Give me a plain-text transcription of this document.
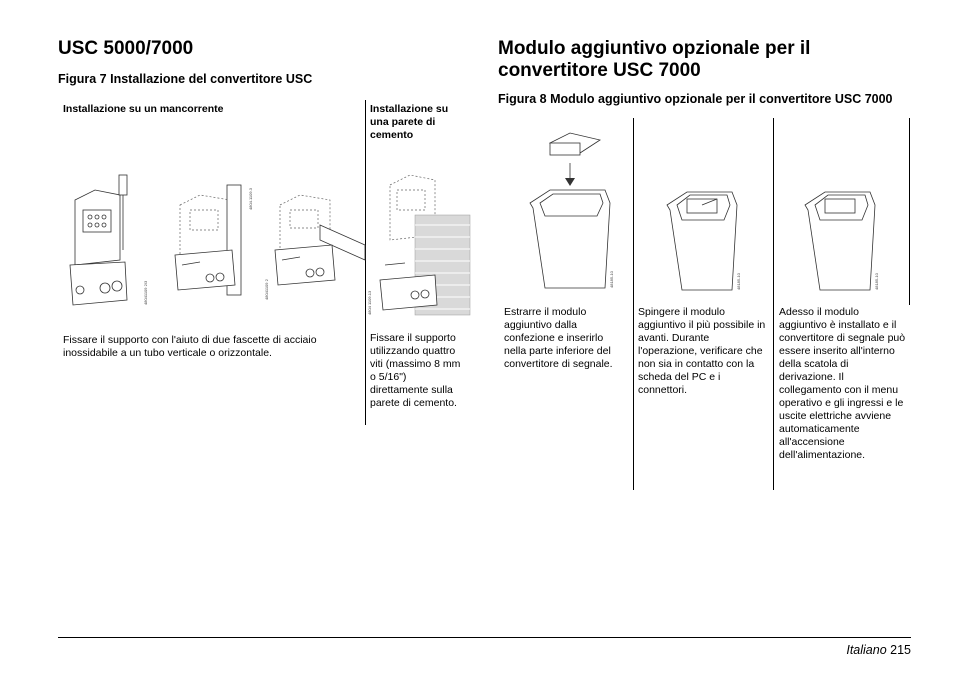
USC 5000/7000
Figura 7 Installazione del convertitore USC
Installazione su un mancorrente	Installazione su una parete di cemento
48041109 2/3
4804.1109.3
48041109 2
4804 1109.13
Fissare il supporto con l'aiuto di due fascette di acciaio inossidabile a un tubo verticale o orizzontale.
Fissare il supporto utilizzando quattro viti (massimo 8 mm o 5/16") direttamente sulla parete di cemento.
Modulo aggiuntivo opzionale per il
convertitore USC 7000
Figura 8 Modulo aggiuntivo opzionale per il convertitore USC 7000
48185-10	48185-10	48185-10
Estrarre il modulo aggiuntivo dalla confezione e inserirlo nella parte inferiore del convertitore di segnale.
Spingere il modulo aggiuntivo il più possibile in avanti. Durante l'operazione, verificare che non sia in contatto con la scheda del PC e i connettori.
Adesso il modulo aggiuntivo è installato e il convertitore di segnale può essere inserito all'interno della scatola di derivazione. Il collegamento con il menu operativo e gli ingressi e le uscite elettriche avviene automaticamente all'accensione dell'alimentazione.
Italiano 215
